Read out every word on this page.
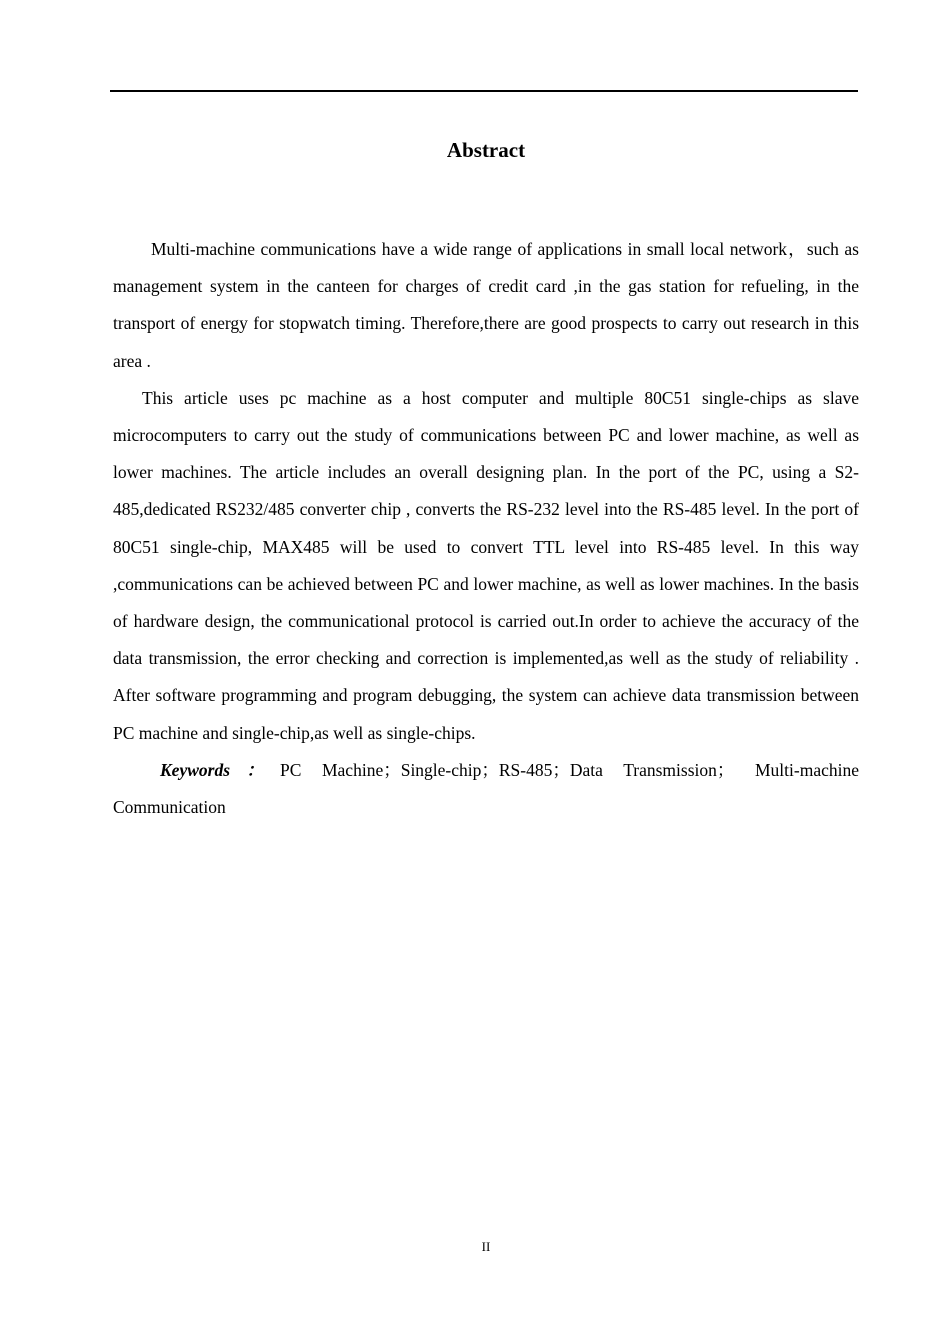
Abstract

Multi-machine communications have a wide range of applications in small local network，such as management system in the canteen for charges of credit card ,in the gas station for refueling, in the transport of energy for stopwatch timing. Therefore,there are good prospects to carry out research in this area .

This article uses pc machine as a host computer and multiple 80C51 single-chips as slave microcomputers to carry out the study of communications between PC and lower machine, as well as lower machines. The article includes an overall designing plan. In the port of the PC, using a S2-485,dedicated RS232/485 converter chip , converts the RS-232 level into the RS-485 level. In the port of 80C51 single-chip, MAX485 will be used to convert TTL level into RS-485 level. In this way ,communications can be achieved between PC and lower machine, as well as lower machines. In the basis of hardware design, the communicational protocol is carried out.In order to achieve the accuracy of the data transmission, the error checking and correction is implemented,as well as the study of reliability . After software programming and program debugging, the system can achieve data transmission between PC machine and single-chip,as well as single-chips.

Keywords：PC Machine；Single-chip；RS-485；Data Transmission； Multi-machine Communication

II
